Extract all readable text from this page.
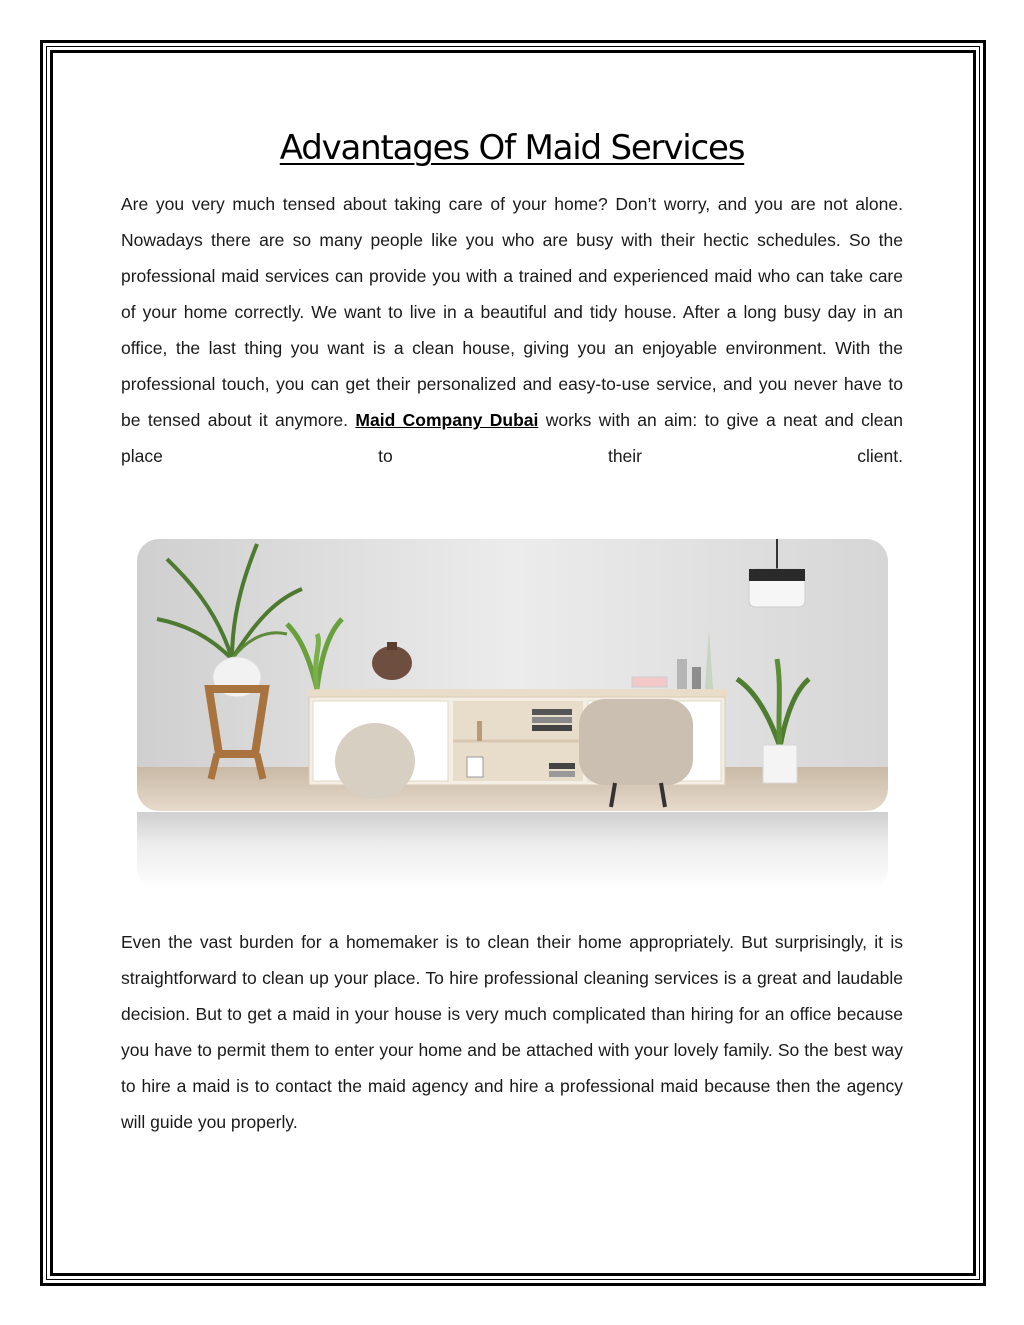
Advantages Of Maid Services

Are you very much tensed about taking care of your home? Don’t worry, and you are not alone. Nowadays there are so many people like you who are busy with their hectic schedules. So the professional maid services can provide you with a trained and experienced maid who can take care of your home correctly. We want to live in a beautiful and tidy house. After a long busy day in an office, the last thing you want is a clean house, giving you an enjoyable environment. With the professional touch, you can get their personalized and easy-to-use service, and you never have to be tensed about it anymore. Maid Company Dubai works with an aim: to give a neat and clean place to their client.

Even the vast burden for a homemaker is to clean their home appropriately. But surprisingly, it is straightforward to clean up your place. To hire professional cleaning services is a great and laudable decision. But to get a maid in your house is very much complicated than hiring for an office because you have to permit them to enter your home and be attached with your lovely family. So the best way to hire a maid is to contact the maid agency and hire a professional maid because then the agency will guide you properly.
